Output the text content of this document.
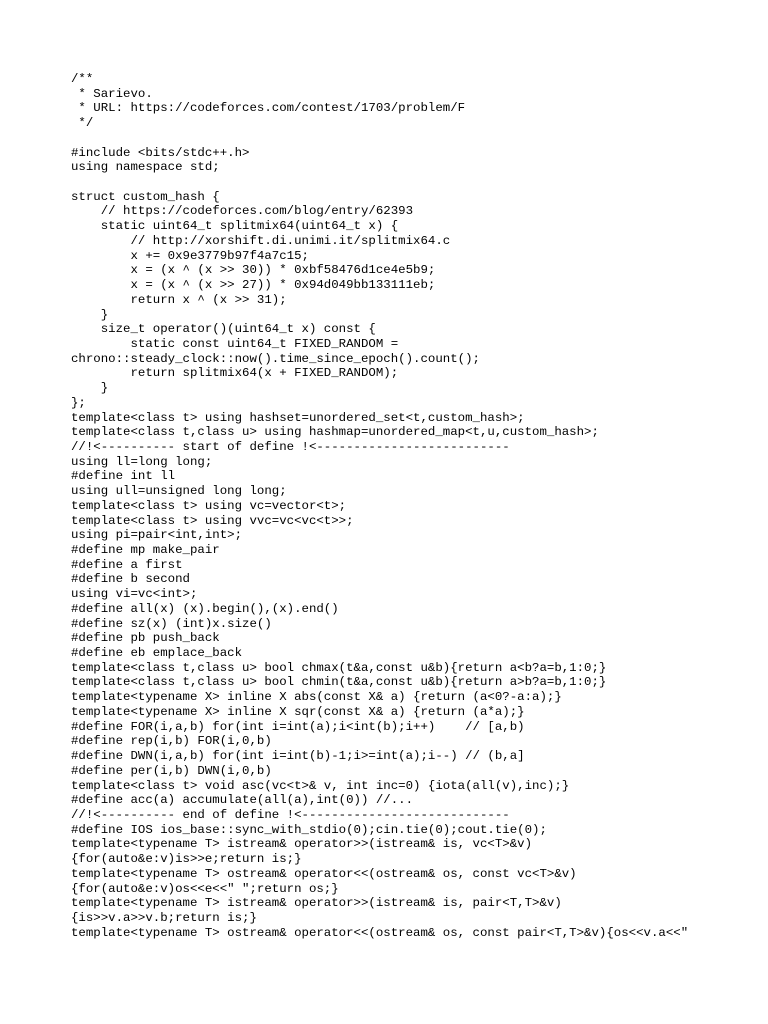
/**
* Sarievo.
* URL: https://codeforces.com/contest/1703/problem/F
*/
#include <bits/stdc++.h>
using namespace std;
struct custom_hash {
// https://codeforces.com/blog/entry/62393
static uint64_t splitmix64(uint64_t x) {
// http://xorshift.di.unimi.it/splitmix64.c
x += 0x9e3779b97f4a7c15;
x = (x ^ (x >> 30)) * 0xbf58476d1ce4e5b9;
x = (x ^ (x >> 27)) * 0x94d049bb133111eb;
return x ^ (x >> 31);
}
size_t operator()(uint64_t x) const {
static const uint64_t FIXED_RANDOM =
chrono::steady_clock::now().time_since_epoch().count();
return splitmix64(x + FIXED_RANDOM);
}
};
template<class t> using hashset=unordered_set<t,custom_hash>;
template<class t,class u> using hashmap=unordered_map<t,u,custom_hash>;
//!<---------- start of define !<--------------------------
using ll=long long;
#define int ll
using ull=unsigned long long;
template<class t> using vc=vector<t>;
template<class t> using vvc=vc<vc<t>>;
using pi=pair<int,int>;
#define mp make_pair
#define a first
#define b second
using vi=vc<int>;
#define all(x) (x).begin(),(x).end()
#define sz(x) (int)x.size()
#define pb push_back
#define eb emplace_back
template<class t,class u> bool chmax(t&a,const u&b){return a<b?a=b,1:0;}
template<class t,class u> bool chmin(t&a,const u&b){return a>b?a=b,1:0;}
template<typename X> inline X abs(const X& a) {return (a<0?-a:a);}
template<typename X> inline X sqr(const X& a) {return (a*a);}
#define FOR(i,a,b) for(int i=int(a);i<int(b);i++)    // [a,b)
#define rep(i,b) FOR(i,0,b)
#define DWN(i,a,b) for(int i=int(b)-1;i>=int(a);i--) // (b,a]
#define per(i,b) DWN(i,0,b)
template<class t> void asc(vc<t>& v, int inc=0) {iota(all(v),inc);}
#define acc(a) accumulate(all(a),int(0)) //...
//!<---------- end of define !<----------------------------
#define IOS ios_base::sync_with_stdio(0);cin.tie(0);cout.tie(0);
template<typename T> istream& operator>>(istream& is, vc<T>&v)
{for(auto&e:v)is>>e;return is;}
template<typename T> ostream& operator<<(ostream& os, const vc<T>&v)
{for(auto&e:v)os<<e<<" ";return os;}
template<typename T> istream& operator>>(istream& is, pair<T,T>&v)
{is>>v.a>>v.b;return is;}
template<typename T> ostream& operator<<(ostream& os, const pair<T,T>&v){os<<v.a<<"
